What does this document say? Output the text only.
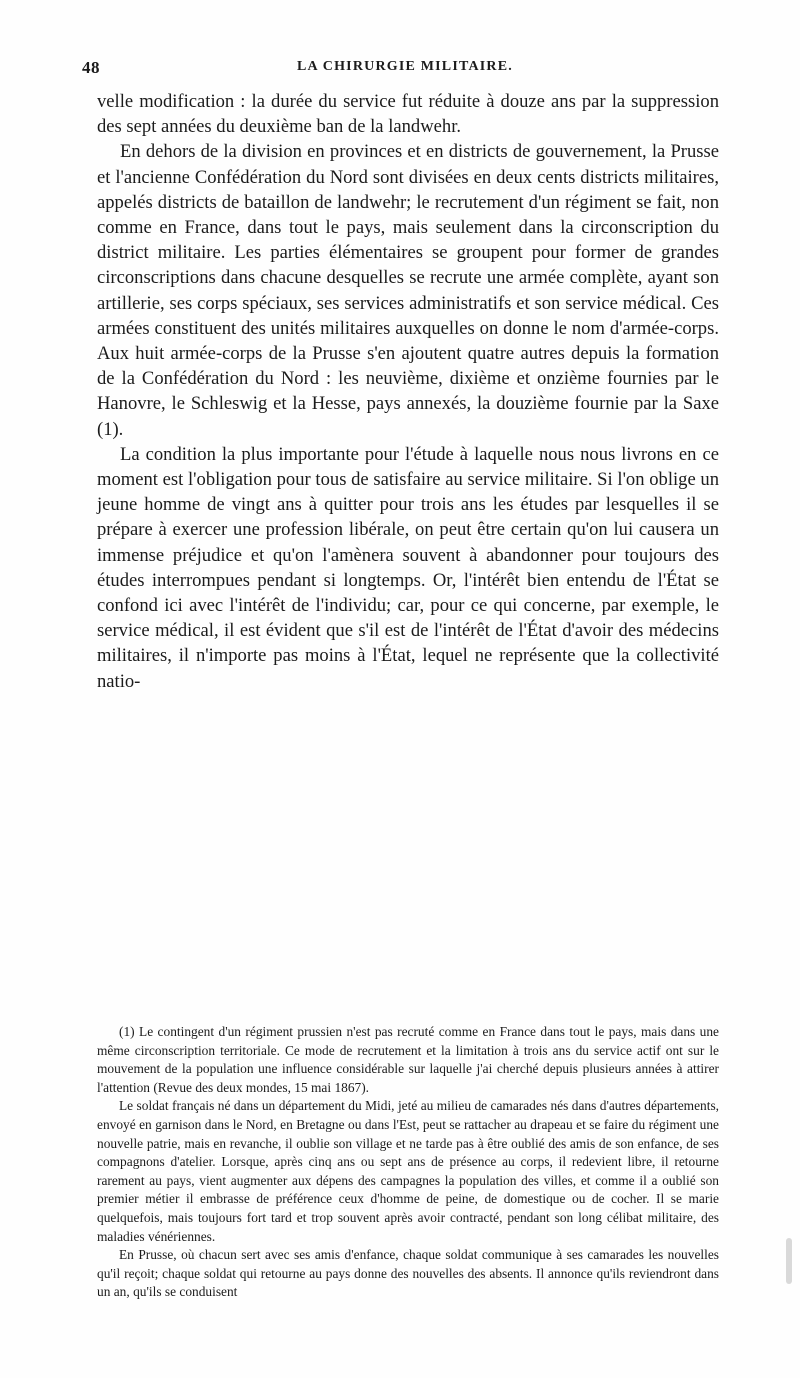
48	LA CHIRURGIE MILITAIRE.

velle modification : la durée du service fut réduite à douze ans par la suppression des sept années du deuxième ban de la landwehr.

En dehors de la division en provinces et en districts de gouvernement, la Prusse et l'ancienne Confédération du Nord sont divisées en deux cents districts militaires, appelés districts de bataillon de landwehr; le recrutement d'un régiment se fait, non comme en France, dans tout le pays, mais seulement dans la circonscription du district militaire. Les parties élémentaires se groupent pour former de grandes circonscriptions dans chacune desquelles se recrute une armée complète, ayant son artillerie, ses corps spéciaux, ses services administratifs et son service médical. Ces armées constituent des unités militaires auxquelles on donne le nom d'armée-corps. Aux huit armée-corps de la Prusse s'en ajoutent quatre autres depuis la formation de la Confédération du Nord : les neuvième, dixième et onzième fournies par le Hanovre, le Schleswig et la Hesse, pays annexés, la douzième fournie par la Saxe (1).

La condition la plus importante pour l'étude à laquelle nous nous livrons en ce moment est l'obligation pour tous de satisfaire au service militaire. Si l'on oblige un jeune homme de vingt ans à quitter pour trois ans les études par lesquelles il se prépare à exercer une profession libérale, on peut être certain qu'on lui causera un immense préjudice et qu'on l'amènera souvent à abandonner pour toujours des études interrompues pendant si longtemps. Or, l'intérêt bien entendu de l'État se confond ici avec l'intérêt de l'individu; car, pour ce qui concerne, par exemple, le service médical, il est évident que s'il est de l'intérêt de l'État d'avoir des médecins militaires, il n'importe pas moins à l'État, lequel ne représente que la collectivité natio-

(1) Le contingent d'un régiment prussien n'est pas recruté comme en France dans tout le pays, mais dans une même circonscription territoriale. Ce mode de recrutement et la limitation à trois ans du service actif ont sur le mouvement de la population une influence considérable sur laquelle j'ai cherché depuis plusieurs années à attirer l'attention (Revue des deux mondes, 15 mai 1867).

Le soldat français né dans un département du Midi, jeté au milieu de camarades nés dans d'autres départements, envoyé en garnison dans le Nord, en Bretagne ou dans l'Est, peut se rattacher au drapeau et se faire du régiment une nouvelle patrie, mais en revanche, il oublie son village et ne tarde pas à être oublié des amis de son enfance, de ses compagnons d'atelier. Lorsque, après cinq ans ou sept ans de présence au corps, il redevient libre, il retourne rarement au pays, vient augmenter aux dépens des campagnes la population des villes, et comme il a oublié son premier métier il embrasse de préférence ceux d'homme de peine, de domestique ou de cocher. Il se marie quelquefois, mais toujours fort tard et trop souvent après avoir contracté, pendant son long célibat militaire, des maladies vénériennes.

En Prusse, où chacun sert avec ses amis d'enfance, chaque soldat communique à ses camarades les nouvelles qu'il reçoit; chaque soldat qui retourne au pays donne des nouvelles des absents. Il annonce qu'ils reviendront dans un an, qu'ils se conduisent
